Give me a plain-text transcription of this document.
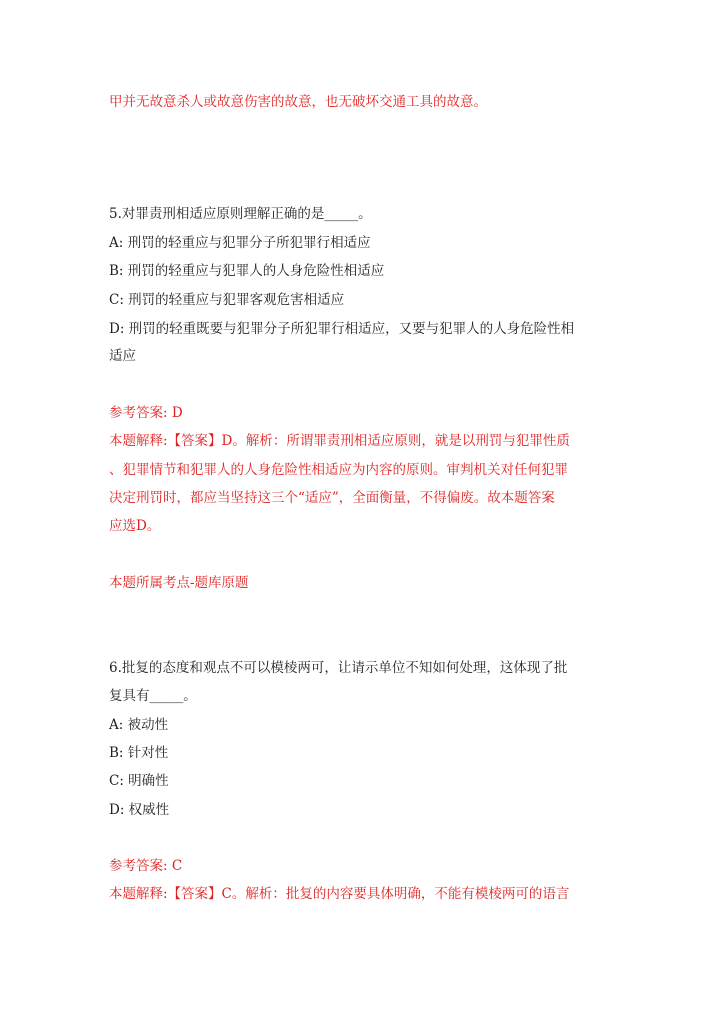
甲并无故意杀人或故意伤害的故意，也无破坏交通工具的故意。
5.对罪责刑相适应原则理解正确的是_____。
A: 刑罚的轻重应与犯罪分子所犯罪行相适应
B: 刑罚的轻重应与犯罪人的人身危险性相适应
C: 刑罚的轻重应与犯罪客观危害相适应
D: 刑罚的轻重既要与犯罪分子所犯罪行相适应，又要与犯罪人的人身危险性相
适应
参考答案: D
本题解释:【答案】D。解析：所谓罪责刑相适应原则，就是以刑罚与犯罪性质
、犯罪情节和犯罪人的人身危险性相适应为内容的原则。审判机关对任何犯罪
决定刑罚时，都应当坚持这三个“适应”，全面衡量，不得偏废。故本题答案
应选D。
本题所属考点-题库原题
6.批复的态度和观点不可以模棱两可，让请示单位不知如何处理，这体现了批
复具有_____。
A: 被动性
B: 针对性
C: 明确性
D: 权威性
参考答案: C
本题解释:【答案】C。解析：批复的内容要具体明确，不能有模棱两可的语言
